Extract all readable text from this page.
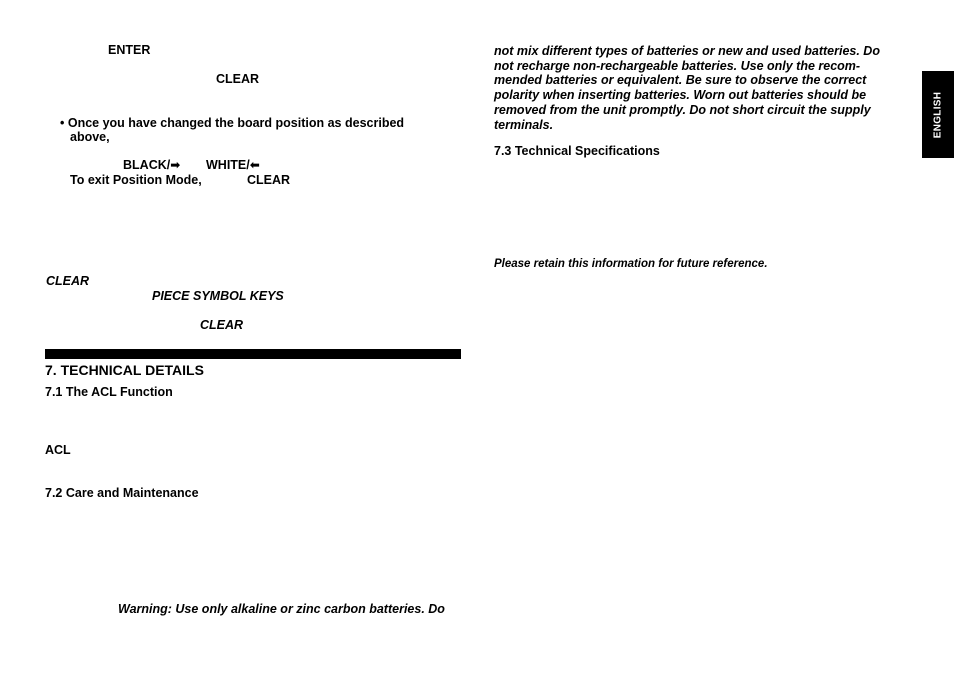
ENTER
CLEAR
• Once you have changed the board position as described
above,
BLACK/➡ WHITE/⬅
To exit Position Mode,	CLEAR
CLEAR
PIECE SYMBOL KEYS
CLEAR
7. TECHNICAL DETAILS
7.1 The ACL Function
ACL
7.2 Care and Maintenance
Warning: Use only alkaline or zinc carbon batteries. Do
not mix different types of batteries or new and used batteries. Do
not recharge non-rechargeable batteries. Use only the recom-
mended batteries or equivalent. Be sure to observe the correct
polarity when inserting batteries. Worn out batteries should be
removed from the unit promptly. Do not short circuit the supply
terminals.
7.3 Technical Specifications
Please retain this information for future reference.
ENGLISH
